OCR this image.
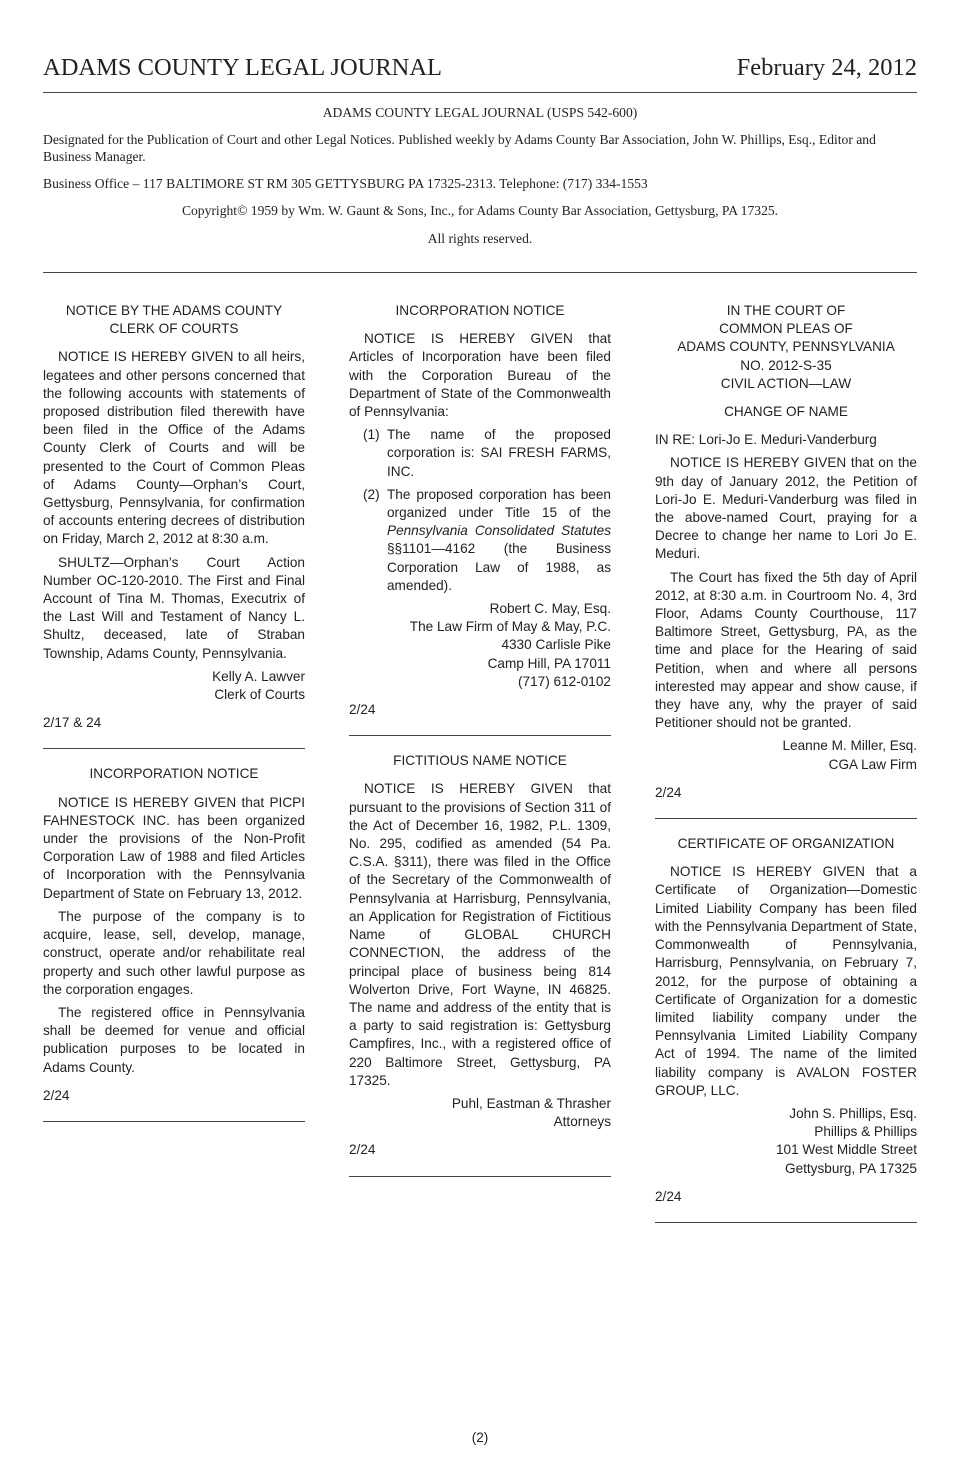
ADAMS COUNTY LEGAL JOURNAL	February 24, 2012

ADAMS COUNTY LEGAL JOURNAL (USPS 542-600)

Designated for the Publication of Court and other Legal Notices. Published weekly by Adams County Bar Association, John W. Phillips, Esq., Editor and Business Manager.

Business Office – 117 BALTIMORE ST RM 305 GETTYSBURG PA 17325-2313. Telephone: (717) 334-1553

Copyright© 1959 by Wm. W. Gaunt & Sons, Inc., for Adams County Bar Association, Gettysburg, PA 17325.

All rights reserved.

NOTICE BY THE ADAMS COUNTY
CLERK OF COURTS

NOTICE IS HEREBY GIVEN to all heirs, legatees and other persons concerned that the following accounts with statements of proposed distribution filed therewith have been filed in the Office of the Adams County Clerk of Courts and will be presented to the Court of Common Pleas of Adams County—Orphan’s Court, Gettysburg, Pennsylvania, for confirmation of accounts entering decrees of distribution on Friday, March 2, 2012 at 8:30 a.m.

SHULTZ—Orphan’s Court Action Number OC-120-2010. The First and Final Account of Tina M. Thomas, Executrix of the Last Will and Testament of Nancy L. Shultz, deceased, late of Straban Township, Adams County, Pennsylvania.

Kelly A. Lawver

Clerk of Courts

2/17 & 24

INCORPORATION NOTICE

NOTICE IS HEREBY GIVEN that PICPI FAHNESTOCK INC. has been organized under the provisions of the Non-Profit Corporation Law of 1988 and filed Articles of Incorporation with the Pennsylvania Department of State on February 13, 2012.

The purpose of the company is to acquire, lease, sell, develop, manage, construct, operate and/or rehabilitate real property and such other lawful purpose as the corporation engages.

The registered office in Pennsylvania shall be deemed for venue and official publication purposes to be located in Adams County.

2/24

INCORPORATION NOTICE

NOTICE IS HEREBY GIVEN that Articles of Incorporation have been filed with the Corporation Bureau of the Department of State of the Commonwealth of Pennsylvania:

(1) The name of the proposed corporation is: SAI FRESH FARMS, INC.
(2) The proposed corporation has been organized under Title 15 of the Pennsylvania Consolidated Statutes §§1101—4162 (the Business Corporation Law of 1988, as amended).

Robert C. May, Esq.

The Law Firm of May & May, P.C.

4330 Carlisle Pike

Camp Hill, PA 17011

(717) 612-0102

2/24

FICTITIOUS NAME NOTICE

NOTICE IS HEREBY GIVEN that pursuant to the provisions of Section 311 of the Act of December 16, 1982, P.L. 1309, No. 295, codified as amended (54 Pa. C.S.A. §311), there was filed in the Office of the Secretary of the Commonwealth of Pennsylvania at Harrisburg, Pennsylvania, an Application for Registration of Fictitious Name of GLOBAL CHURCH CONNECTION, the address of the principal place of business being 814 Wolverton Drive, Fort Wayne, IN 46825. The name and address of the entity that is a party to said registration is: Gettysburg Campfires, Inc., with a registered office of 220 Baltimore Street, Gettysburg, PA 17325.

Puhl, Eastman & Thrasher

Attorneys

2/24

IN THE COURT OF
COMMON PLEAS OF
ADAMS COUNTY, PENNSYLVANIA
NO. 2012-S-35
CIVIL ACTION—LAW
CHANGE OF NAME

IN RE: Lori-Jo E. Meduri-Vanderburg

NOTICE IS HEREBY GIVEN that on the 9th day of January 2012, the Petition of Lori-Jo E. Meduri-Vanderburg was filed in the above-named Court, praying for a Decree to change her name to Lori Jo E. Meduri.

The Court has fixed the 5th day of April 2012, at 8:30 a.m. in Courtroom No. 4, 3rd Floor, Adams County Courthouse, 117 Baltimore Street, Gettysburg, PA, as the time and place for the Hearing of said Petition, when and where all persons interested may appear and show cause, if they have any, why the prayer of said Petitioner should not be granted.

Leanne M. Miller, Esq.

CGA Law Firm

2/24

CERTIFICATE OF ORGANIZATION

NOTICE IS HEREBY GIVEN that a Certificate of Organization—Domestic Limited Liability Company has been filed with the Pennsylvania Department of State, Commonwealth of Pennsylvania, Harrisburg, Pennsylvania, on February 7, 2012, for the purpose of obtaining a Certificate of Organization for a domestic limited liability company under the Pennsylvania Limited Liability Company Act of 1994. The name of the limited liability company is AVALON FOSTER GROUP, LLC.

John S. Phillips, Esq.

Phillips & Phillips

101 West Middle Street

Gettysburg, PA 17325

2/24

(2)
